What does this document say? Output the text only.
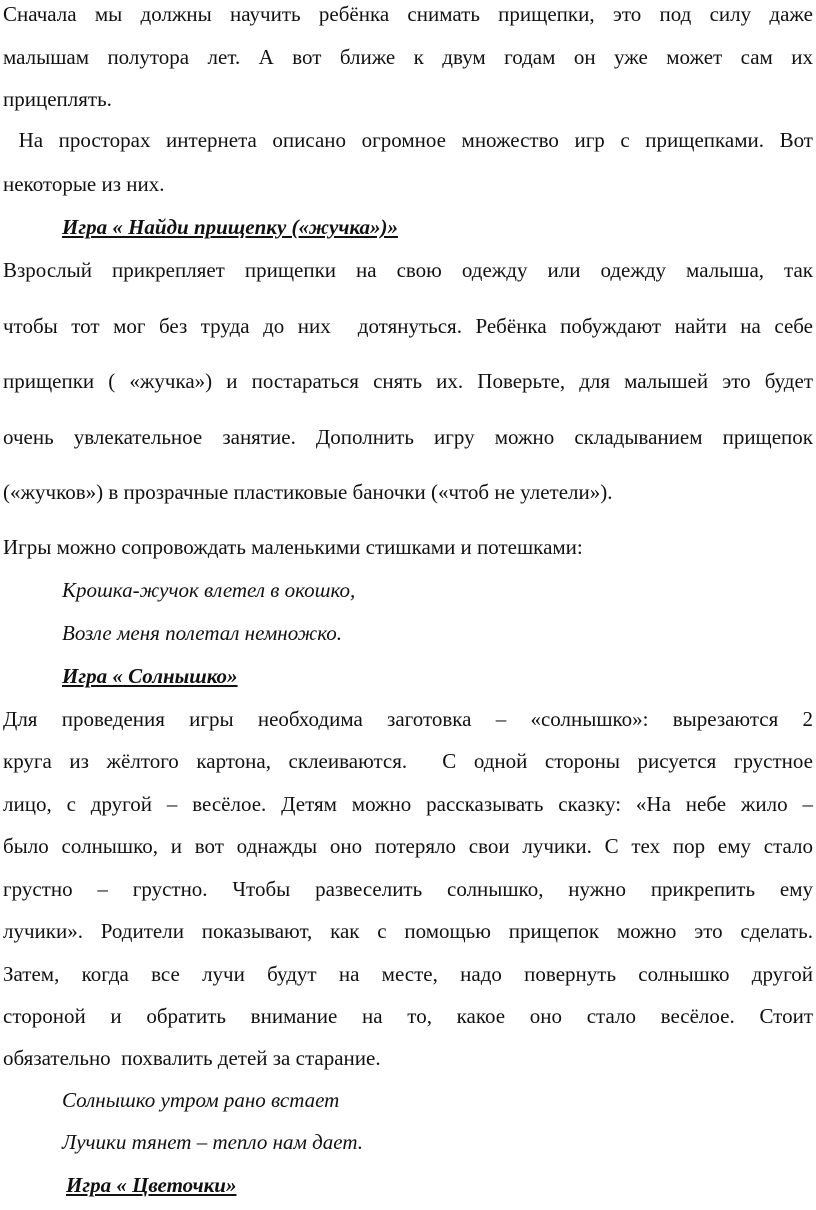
Сначала мы должны научить ребёнка снимать прищепки, это под силу даже
малышам полутора лет. А вот ближе к двум годам он уже может сам их
прицеплять.
На просторах интернета описано огромное множество игр с прищепками. Вот
некоторые из них.
Игра « Найди прищепку («жучка»)»
Взрослый прикрепляет прищепки на свою одежду или одежду малыша, так
чтобы тот мог без труда до них  дотянуться. Ребёнка побуждают найти на себе
прищепки ( «жучка») и постараться снять их. Поверьте, для малышей это будет
очень увлекательное занятие. Дополнить игру можно складыванием прищепок
(«жучков») в прозрачные пластиковые баночки («чтоб не улетели»).
Игры можно сопровождать маленькими стишками и потешками:
Крошка-жучок влетел в окошко,
Возле меня полетал немножко.
Игра « Солнышко»
Для проведения игры необходима заготовка – «солнышко»: вырезаются 2
круга из жёлтого картона, склеиваются.  С одной стороны рисуется грустное
лицо, с другой – весёлое. Детям можно рассказывать сказку: «На небе жило –
было солнышко, и вот однажды оно потеряло свои лучики. С тех пор ему стало
грустно – грустно. Чтобы развеселить солнышко, нужно прикрепить ему
лучики». Родители показывают, как с помощью прищепок можно это сделать.
Затем, когда все лучи будут на месте, надо повернуть солнышко другой
стороной и обратить внимание на то, какое оно стало весёлое. Стоит
обязательно  похвалить детей за старание.
Солнышко утром рано встает
Лучики тянет – тепло нам дает.
Игра « Цветочки»
